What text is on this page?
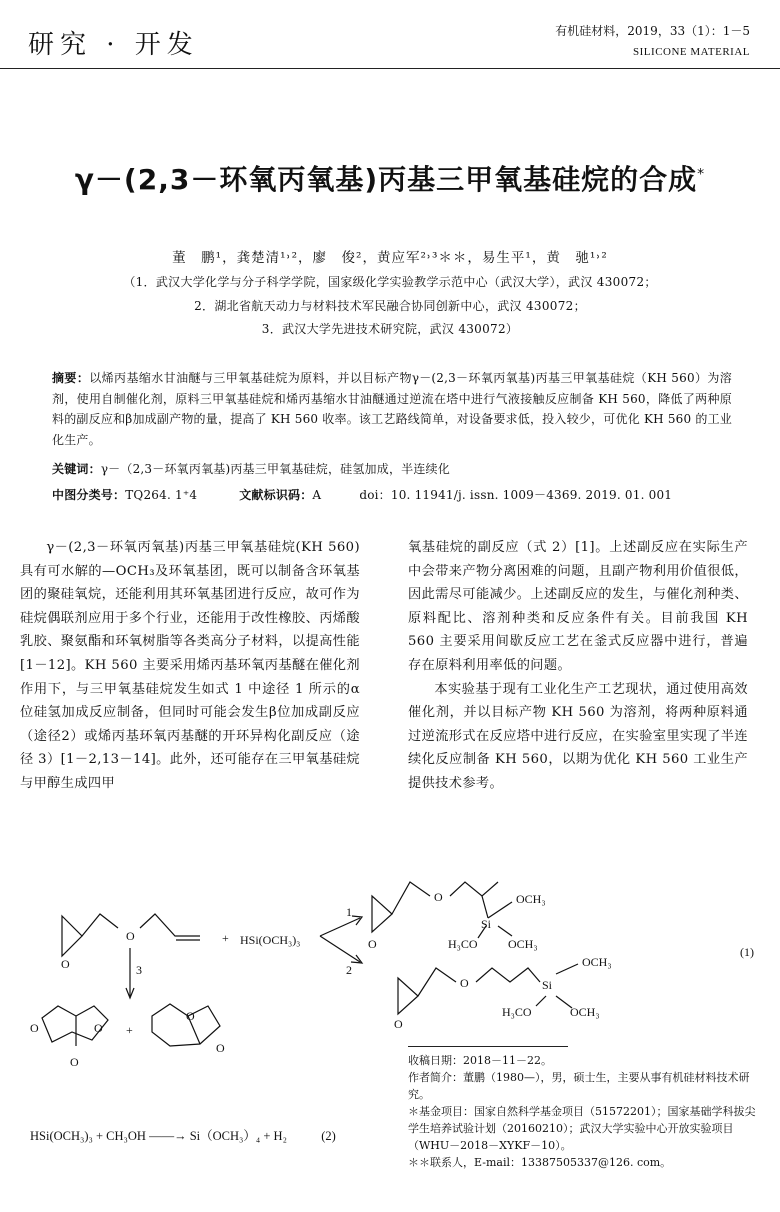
研究 · 开发	有机硅材料，2019，33（1）：1－5
SILICONE MATERIAL
γ－(2,3－环氧丙氧基)丙基三甲氧基硅烷的合成*
董　鹏¹，龚楚清¹˒²，廖　俊²，黄应军²˒³＊＊，易生平¹，黄　驰¹˒²
（1．武汉大学化学与分子科学学院，国家级化学实验教学示范中心（武汉大学），武汉 430072；
2．湖北省航天动力与材料技术军民融合协同创新中心，武汉 430072；
3．武汉大学先进技术研究院，武汉 430072）
摘要：以烯丙基缩水甘油醚与三甲氧基硅烷为原料，并以目标产物γ－(2,3－环氧丙氧基)丙基三甲氧基硅烷（KH 560）为溶剂，使用自制催化剂，原料三甲氧基硅烷和烯丙基缩水甘油醚通过逆流在塔中进行气液接触反应制备 KH 560，降低了两种原料的副反应和β加成副产物的量，提高了 KH 560 收率。该工艺路线简单，对设备要求低，投入较少，可优化 KH 560 的工业化生产。
关键词：γ－（2,3－环氧丙氧基)丙基三甲氧基硅烷，硅氢加成，半连续化
中图分类号：TQ264. 1⁺4	文献标识码：A	doi：10. 11941/j. issn. 1009－4369. 2019. 01. 001

γ－(2,3－环氧丙氧基)丙基三甲氧基硅烷(KH 560)具有可水解的—OCH₃及环氧基团，既可以制备含环氧基团的聚硅氧烷，还能利用其环氧基团进行反应，故可作为硅烷偶联剂应用于多个行业，还能用于改性橡胶、丙烯酸乳胶、聚氨酯和环氧树脂等各类高分子材料，以提高性能[1－12]。KH 560 主要采用烯丙基环氧丙基醚在催化剂作用下，与三甲氧基硅烷发生如式 1 中途径 1 所示的α位硅氢加成反应制备，但同时可能会发生β位加成副反应（途径2）或烯丙基环氧丙基醚的开环异构化副反应（途径 3）[1－2,13－14]。此外，还可能存在三甲氧基硅烷与甲醇生成四甲

氧基硅烷的副反应（式 2）[1]。上述副反应在实际生产中会带来产物分离困难的问题，且副产物利用价值很低，因此需尽可能减少。上述副反应的发生，与催化剂种类、原料配比、溶剂种类和反应条件有关。目前我国 KH 560 主要采用间歇反应工艺在釜式反应器中进行，普遍存在原料利用率低的问题。

本实验基于现有工业化生产工艺现状，通过使用高效催化剂，并以目标产物 KH 560 为溶剂，将两种原料通过逆流形式在反应塔中进行反应，在实验室里实现了半连续化反应制备 KH 560，以期为优化 KH 560 工业生产提供技术参考。

O
O	+ HSi(OCH₃)₃
1
2
3
O
O	OCH₃
Si
H₃CO	OCH₃
O
O	Si
OCH₃
H₃CO	OCH₃
O	O
O
+
O
O
(1)
HSi(OCH₃)₃ + CH₃OH ——→ Si（OCH₃）₄ + H₂	(2)
收稿日期：2018－11－22。
作者简介：董鹏（1980—），男，硕士生，主要从事有机硅材料技术研究。
＊基金项目：国家自然科学基金项目（51572201）；国家基础学科拔尖学生培养试验计划（20160210）；武汉大学实验中心开放实验项目（WHU－2018－XYKF－10）。
＊＊联系人，E-mail：13387505337@126. com。
